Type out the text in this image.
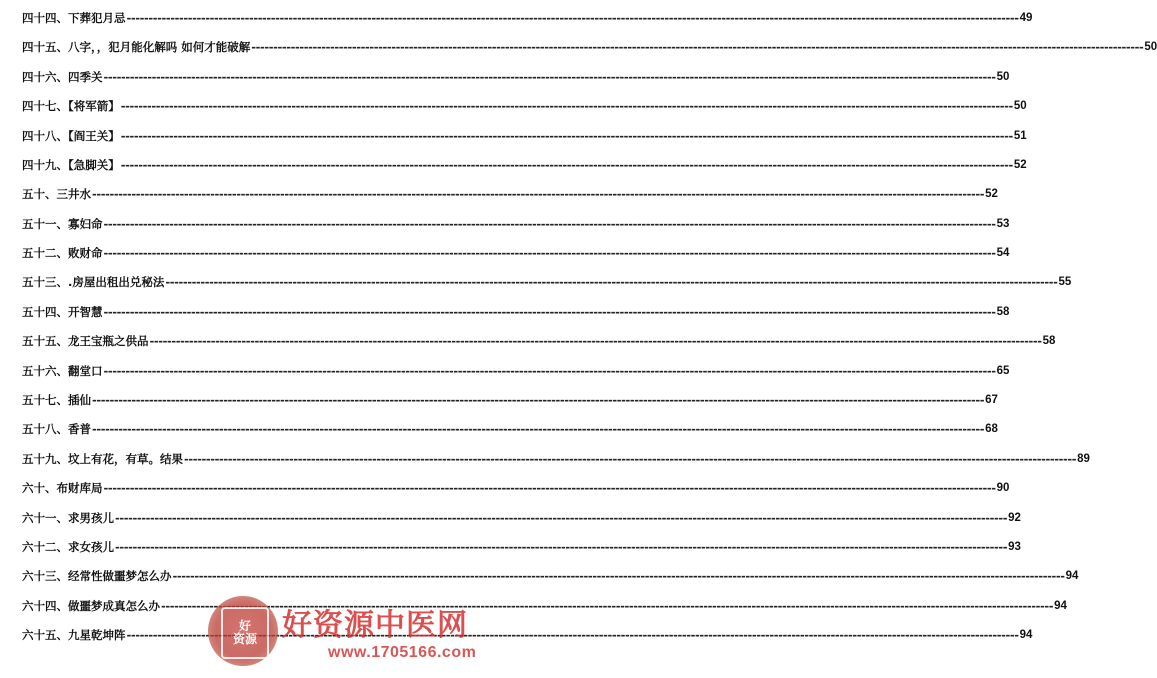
四十四、下葬犯月忌 -----	49
四十五、八字，，犯月能化解吗 如何才能破解 -----	50
四十六、四季关 -----	50
四十七、【将军箭】 -----	50
四十八、【阎王关】 -----	51
四十九、【急脚关】 -----	52
五十、三井水 -----	52
五十一、寡妇命 -----	53
五十二、败财命 -----	54
五十三、.房屋出租出兑秘法 -----	55
五十四、开智慧 -----	58
五十五、龙王宝瓶之供品 -----	58
五十六、翻堂口 -----	65
五十七、插仙 -----	67
五十八、香普 -----	68
五十九、坟上有花，有草。结果 -----	89
六十、布财库局 -----	90
六十一、求男孩儿 -----	92
六十二、求女孩儿 -----	93
六十三、经常性做噩梦怎么办 -----	94
六十四、做噩梦成真怎么办 -----	94
六十五、九星乾坤阵 -----	94
好
资源 好资源中医网
www.1705166.com
